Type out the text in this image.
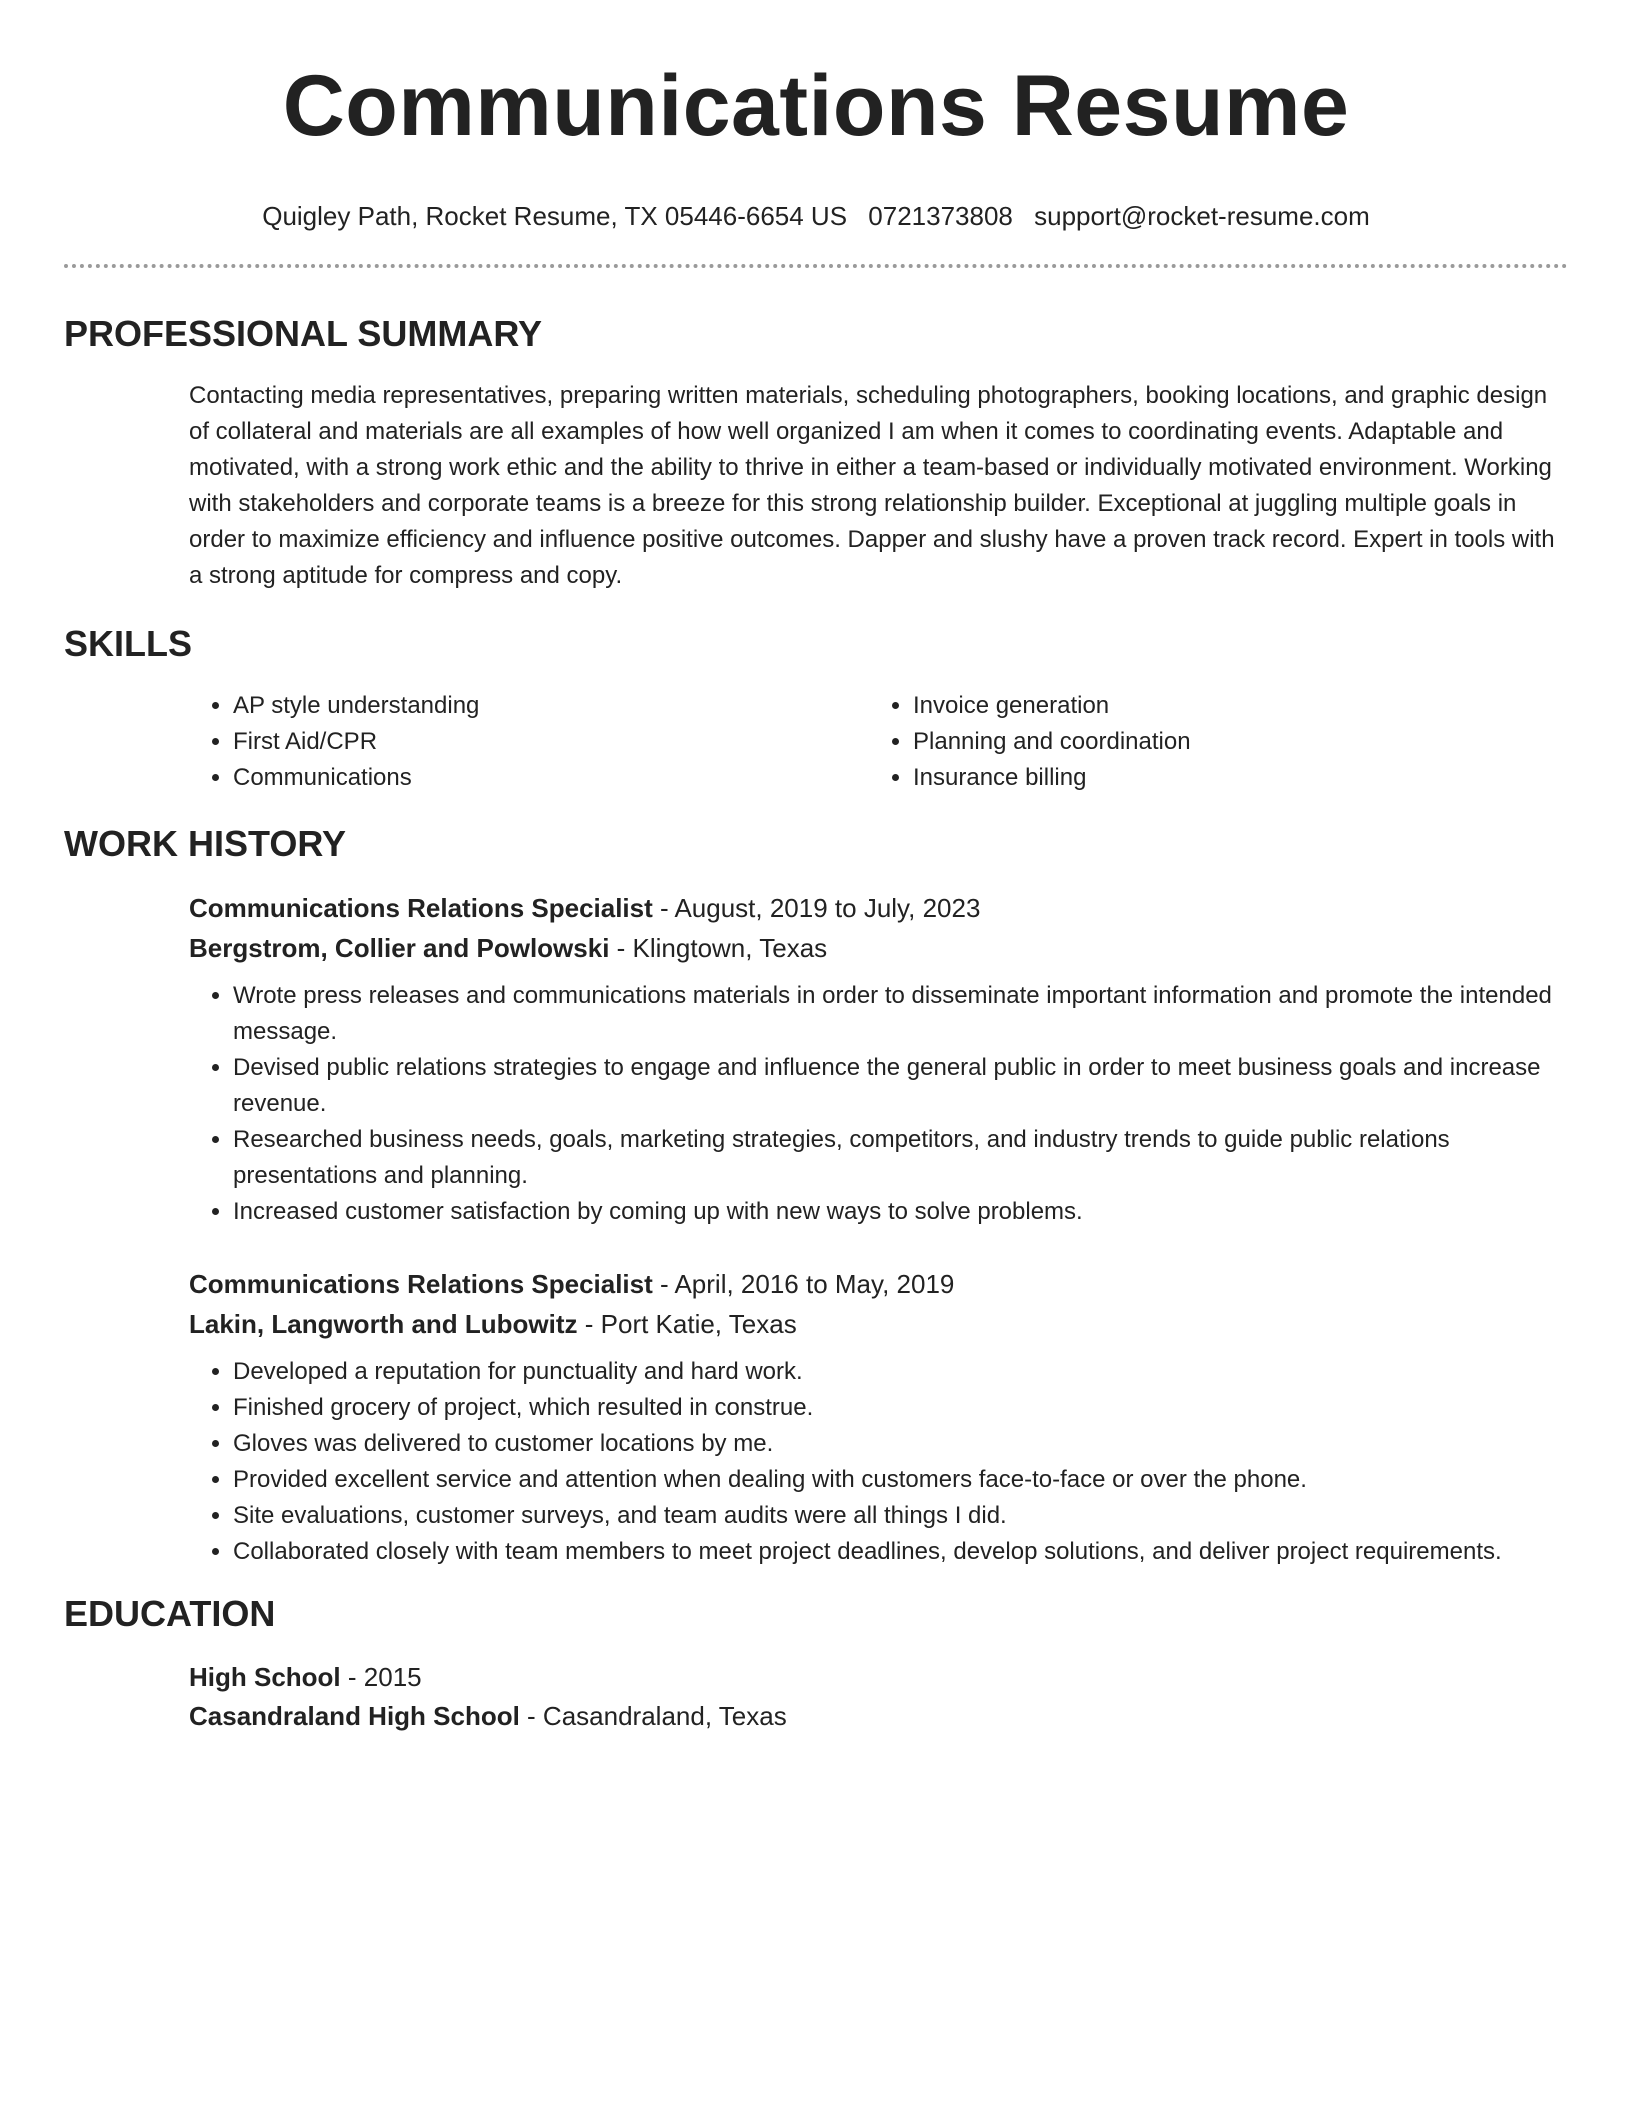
Communications Resume
Quigley Path, Rocket Resume, TX 05446-6654 US 0721373808 support@rocket-resume.com
PROFESSIONAL SUMMARY
Contacting media representatives, preparing written materials, scheduling photographers, booking locations, and graphic design of collateral and materials are all examples of how well organized I am when it comes to coordinating events. Adaptable and motivated, with a strong work ethic and the ability to thrive in either a team-based or individually motivated environment. Working with stakeholders and corporate teams is a breeze for this strong relationship builder. Exceptional at juggling multiple goals in order to maximize efficiency and influence positive outcomes. Dapper and slushy have a proven track record. Expert in tools with a strong aptitude for compress and copy.
SKILLS
• AP style understanding
• First Aid/CPR
• Communications
• Invoice generation
• Planning and coordination
• Insurance billing
WORK HISTORY
Communications Relations Specialist - August, 2019 to July, 2023
Bergstrom, Collier and Powlowski - Klingtown, Texas
• Wrote press releases and communications materials in order to disseminate important information and promote the intended message.
• Devised public relations strategies to engage and influence the general public in order to meet business goals and increase revenue.
• Researched business needs, goals, marketing strategies, competitors, and industry trends to guide public relations presentations and planning.
• Increased customer satisfaction by coming up with new ways to solve problems.
Communications Relations Specialist - April, 2016 to May, 2019
Lakin, Langworth and Lubowitz - Port Katie, Texas
• Developed a reputation for punctuality and hard work.
• Finished grocery of project, which resulted in construe.
• Gloves was delivered to customer locations by me.
• Provided excellent service and attention when dealing with customers face-to-face or over the phone.
• Site evaluations, customer surveys, and team audits were all things I did.
• Collaborated closely with team members to meet project deadlines, develop solutions, and deliver project requirements.
EDUCATION
High School - 2015
Casandraland High School - Casandraland, Texas
